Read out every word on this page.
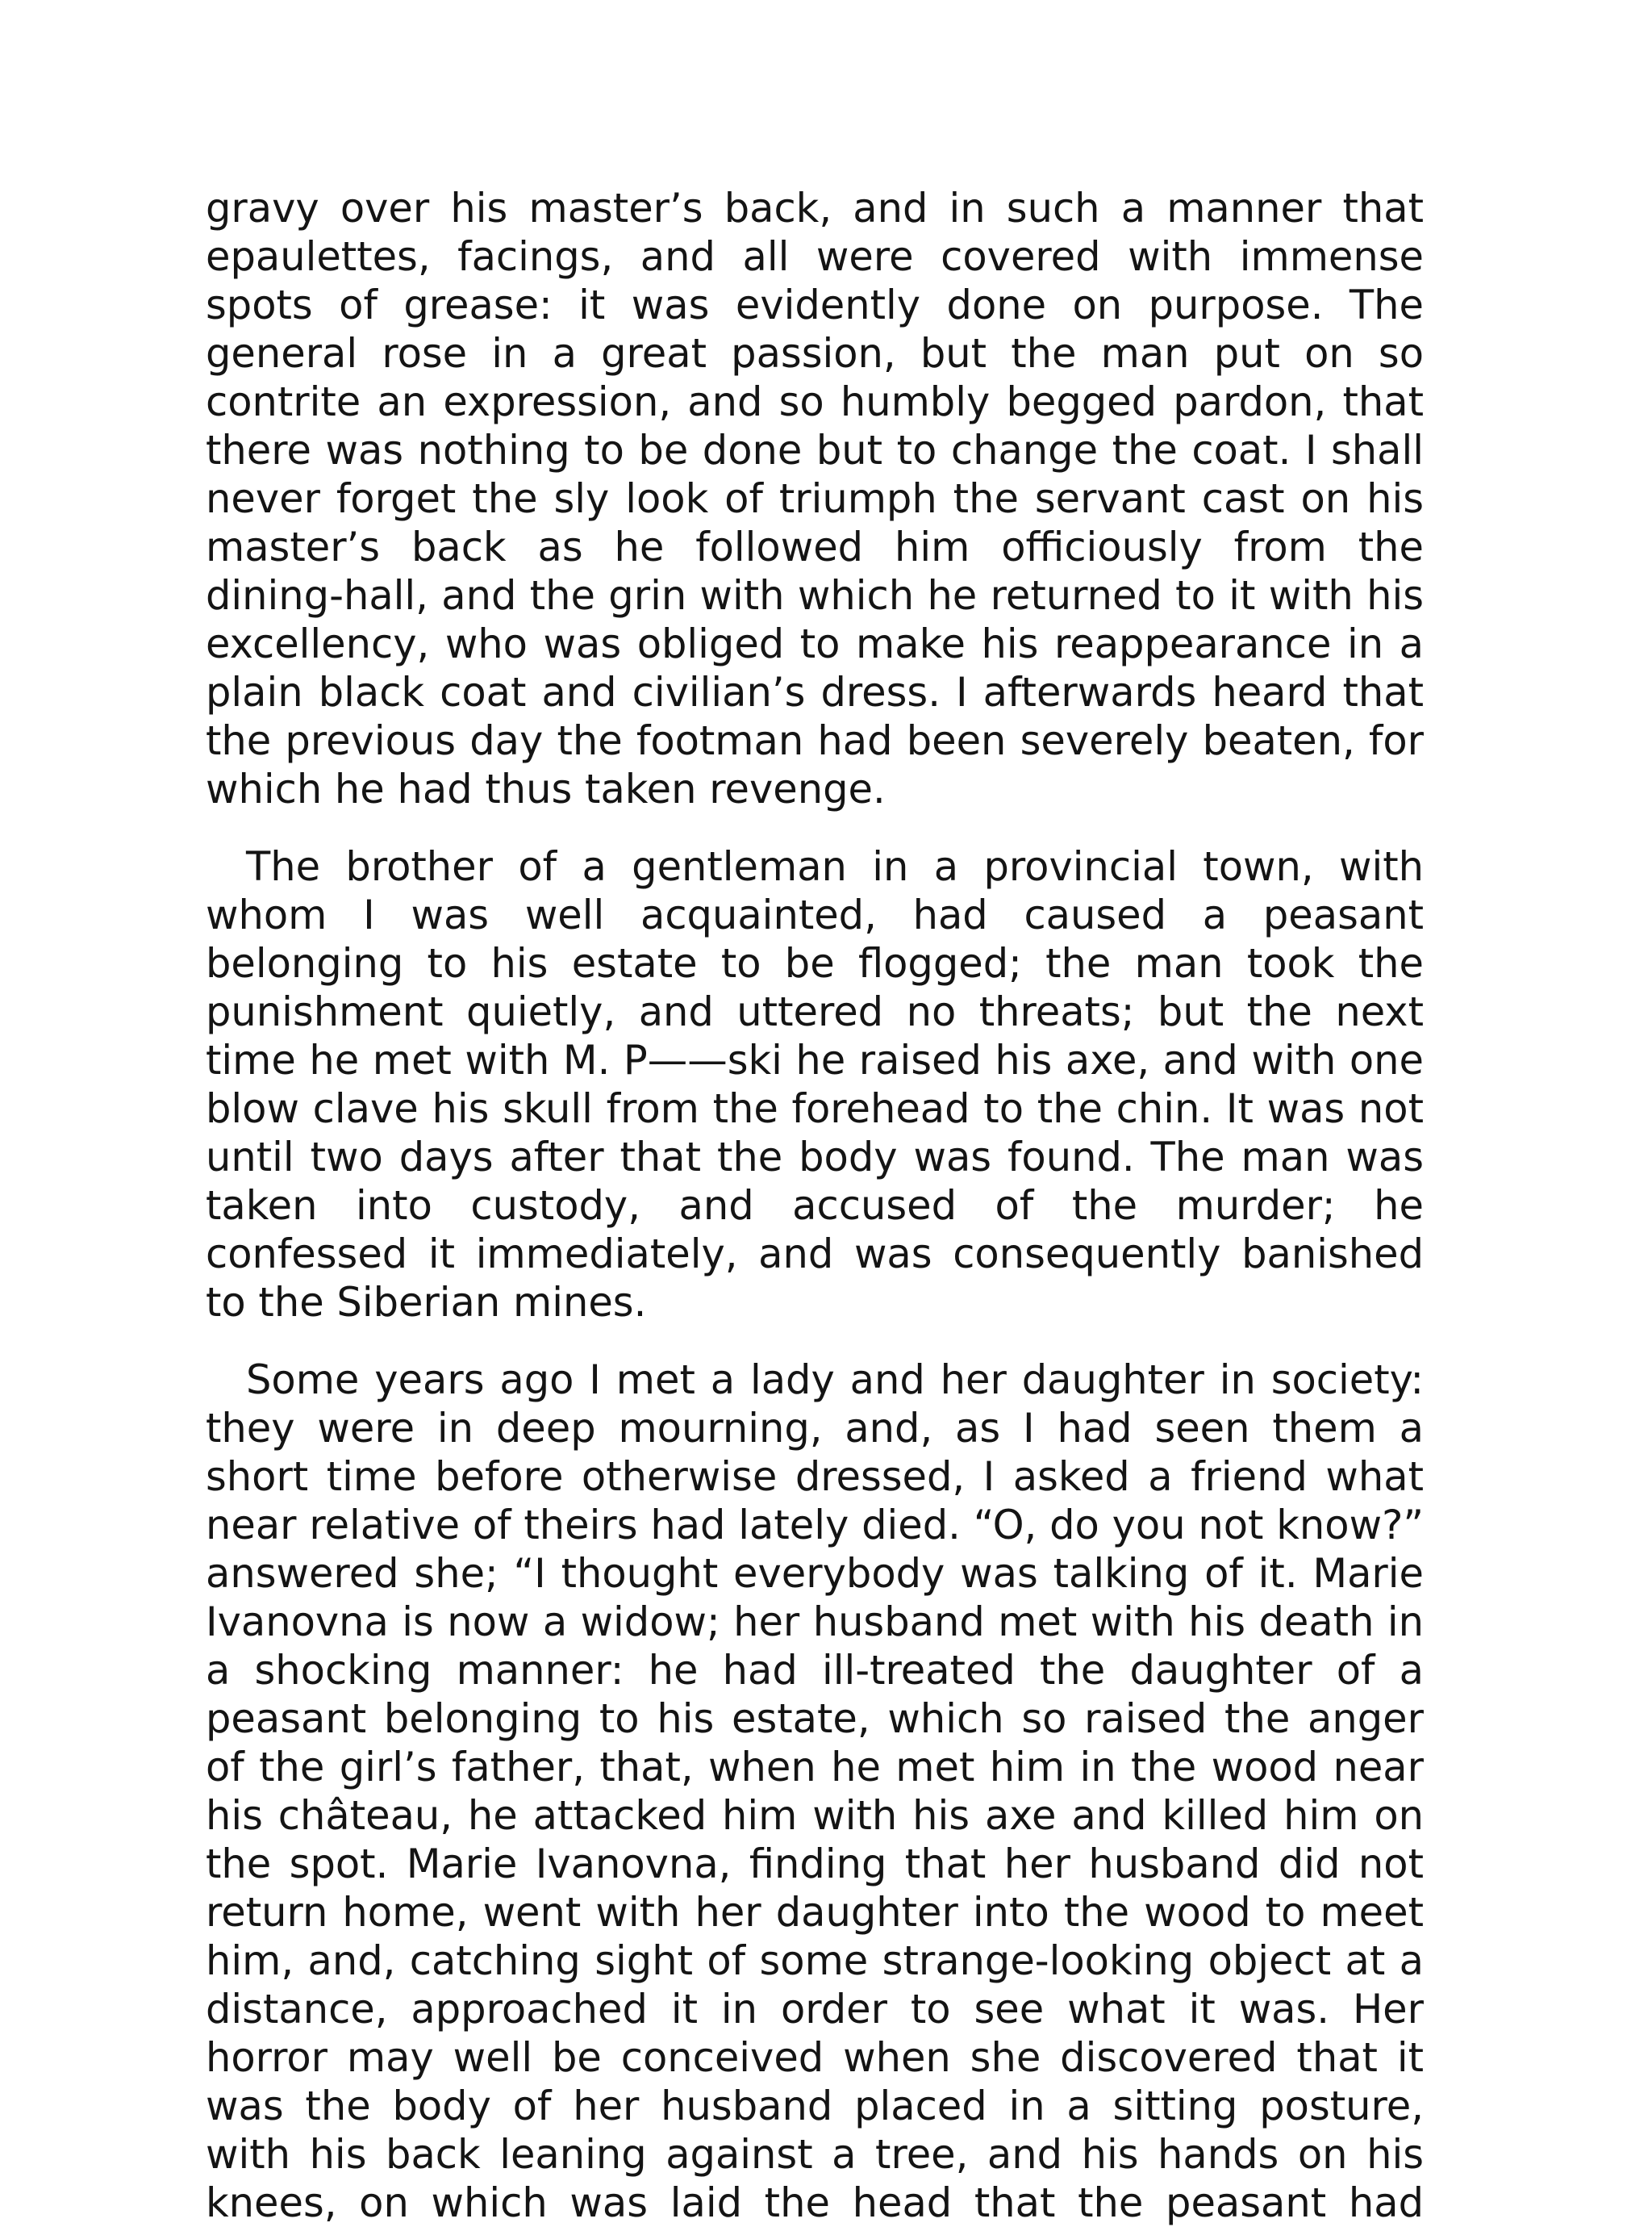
gravy over his master’s back, and in such a manner that epaulettes, facings, and all were covered with immense spots of grease: it was evidently done on purpose. The general rose in a great passion, but the man put on so contrite an expression, and so humbly begged pardon, that there was nothing to be done but to change the coat. I shall never forget the sly look of triumph the servant cast on his master’s back as he followed him officiously from the dining-hall, and the grin with which he returned to it with his excellency, who was obliged to make his reappearance in a plain black coat and civilian’s dress. I afterwards heard that the previous day the footman had been severely beaten, for which he had thus taken revenge.

The brother of a gentleman in a provincial town, with whom I was well acquainted, had caused a peasant belonging to his estate to be flogged; the man took the punishment quietly, and uttered no threats; but the next time he met with M. P——ski he raised his axe, and with one blow clave his skull from the forehead to the chin. It was not until two days after that the body was found. The man was taken into custody, and accused of the murder; he confessed it immediately, and was consequently banished to the Siberian mines.

Some years ago I met a lady and her daughter in society: they were in deep mourning, and, as I had seen them a short time before otherwise dressed, I asked a friend what near relative of theirs had lately died. “O, do you not know?” answered she; “I thought everybody was talking of it. Marie Ivanovna is now a widow; her husband met with his death in a shocking manner: he had ill-treated the daughter of a peasant belonging to his estate, which so raised the anger of the girl’s father, that, when he met him in the wood near his château, he attacked him with his axe and killed him on the spot. Marie Ivanovna, finding that her husband did not return home, went with her daughter into the wood to meet him, and, catching sight of some strange-looking object at a distance, approached it in order to see what it was. Her horror may well be conceived when she discovered that it was the body of her husband placed in a sitting posture, with his back leaning against a tree, and his hands on his knees, on which was laid the head that the peasant had
